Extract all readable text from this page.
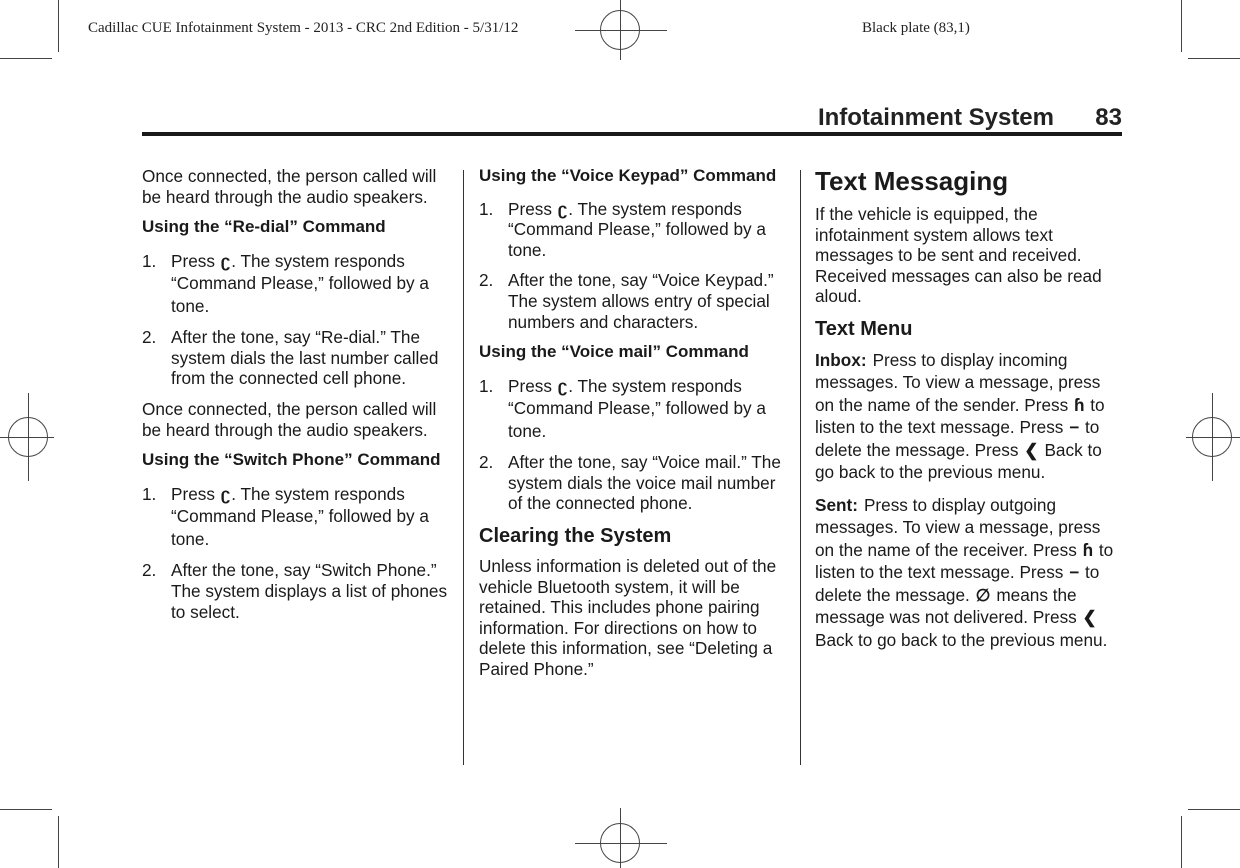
Cadillac CUE Infotainment System - 2013 - CRC 2nd Edition - 5/31/12	Black plate (83,1)
Infotainment System 83

Once connected, the person called will be heard through the audio speakers.

Using the “Re-dial” Command
1. Press ʗ. The system responds “Command Please,” followed by a tone.
2. After the tone, say “Re-dial.” The system dials the last number called from the connected cell phone.

Once connected, the person called will be heard through the audio speakers.

Using the “Switch Phone” Command
1. Press ʗ. The system responds “Command Please,” followed by a tone.
2. After the tone, say “Switch Phone.” The system displays a list of phones to select.
Using the “Voice Keypad” Command
1. Press ʗ. The system responds “Command Please,” followed by a tone.
2. After the tone, say “Voice Keypad.” The system allows entry of special numbers and characters.
Using the “Voice mail” Command
1. Press ʗ. The system responds “Command Please,” followed by a tone.
2. After the tone, say “Voice mail.” The system dials the voice mail number of the connected phone.
Clearing the System

Unless information is deleted out of the vehicle Bluetooth system, it will be retained. This includes phone pairing information. For directions on how to delete this information, see “Deleting a Paired Phone.”

Text Messaging

If the vehicle is equipped, the infotainment system allows text messages to be sent and received. Received messages can also be read aloud.

Text Menu

Inbox: Press to display incoming messages. To view a message, press on the name of the sender. Press ɦ to listen to the text message. Press − to delete the message. Press ❮ Back to go back to the previous menu.

Sent: Press to display outgoing messages. To view a message, press on the name of the receiver. Press ɦ to listen to the text message. Press − to delete the message. ∅ means the message was not delivered. Press ❮ Back to go back to the previous menu.
